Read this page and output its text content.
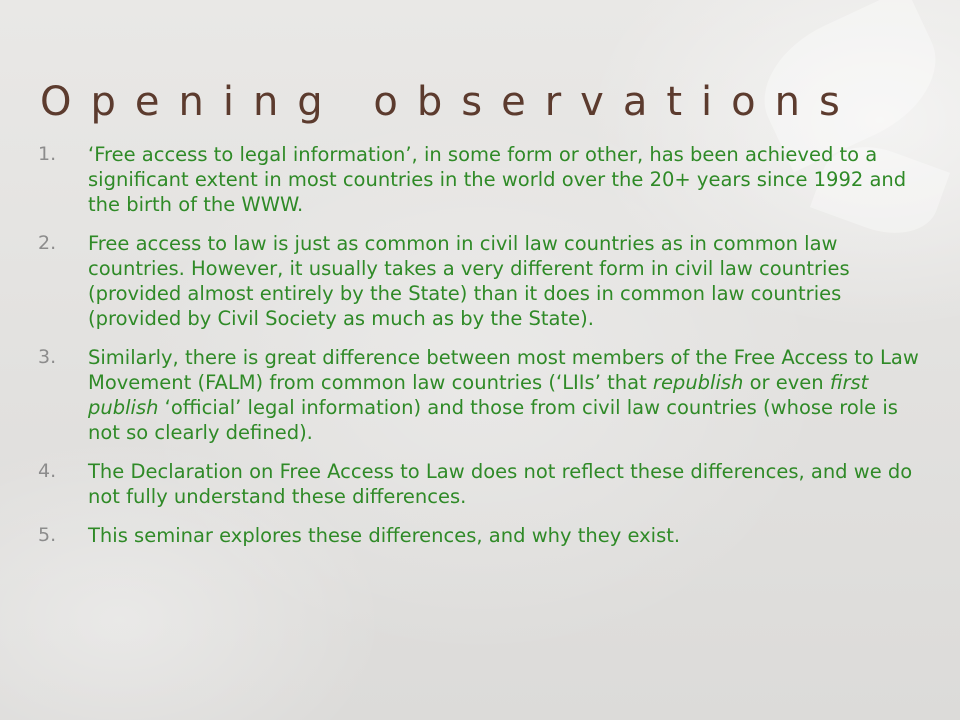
Opening observations
1.	‘Free access to legal information’, in some form or other, has been achieved to a significant extent in most countries in the world over the 20+ years since 1992 and the birth of the WWW.
2.	Free access to law is just as common in civil law countries as in common law countries. However, it usually takes a very different form in civil law countries (provided almost entirely by the State) than it does in common law countries (provided by Civil Society as much as by the State).
3.	Similarly, there is great difference between most members of the Free Access to Law Movement (FALM) from common law countries (‘LIIs’ that republish or even first publish ‘official’ legal information) and those from civil law countries (whose role is not so clearly defined).
4.	The Declaration on Free Access to Law does not reflect these differences, and we do not fully understand these differences.
5.	This seminar explores these differences, and why they exist.
